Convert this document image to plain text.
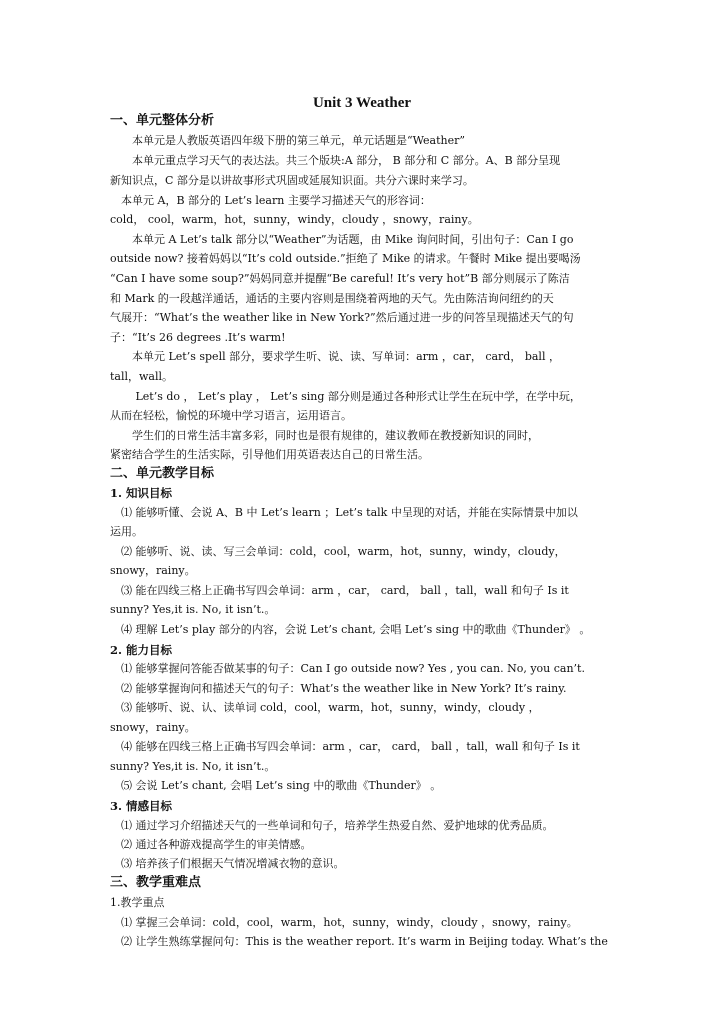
Unit 3 Weather
一、单元整体分析
　　本单元是人教版英语四年级下册的第三单元，单元话题是“Weather”
　　本单元重点学习天气的表达法。共三个版块:A 部分， B 部分和 C 部分。A、B 部分呈现
新知识点，C 部分是以讲故事形式巩固或延展知识面。共分六课时来学习。
　本单元 A，B 部分的 Let’s learn 主要学习描述天气的形容词：
cold， cool，warm，hot，sunny，windy，cloudy ，snowy，rainy。
　　本单元 A Let’s talk 部分以“Weather”为话题，由 Mike 询问时间，引出句子：Can I go
outside now? 接着妈妈以“It’s cold outside.”拒绝了 Mike 的请求。午餐时 Mike 提出要喝汤
“Can I have some soup?”妈妈同意并提醒“Be careful! It’s very hot”B 部分则展示了陈洁
和 Mark 的一段越洋通话，通话的主要内容则是围绕着两地的天气。先由陈洁询问纽约的天
气展开：“What’s the weather like in New York?”然后通过进一步的问答呈现描述天气的句
子：“It’s 26 degrees .It’s warm!
　　本单元 Let’s spell 部分，要求学生听、说、读、写单词：arm ，car， card， ball ，
tall，wall。
　　 Let’s do ， Let’s play ， Let’s sing 部分则是通过各种形式让学生在玩中学，在学中玩，
从而在轻松，愉悦的环境中学习语言，运用语言。
　　学生们的日常生活丰富多彩，同时也是很有规律的，建议教师在教授新知识的同时，
紧密结合学生的生活实际，引导他们用英语表达自己的日常生活。
二、单元教学目标
1. 知识目标
　⑴ 能够听懂、会说 A、B 中 Let’s learn ；Let’s talk 中呈现的对话，并能在实际情景中加以
运用。
　⑵ 能够听、说、读、写三会单词：cold，cool，warm，hot，sunny，windy，cloudy，
snowy，rainy。
　⑶ 能在四线三格上正确书写四会单词：arm ，car， card， ball ，tall，wall 和句子 Is it
sunny? Yes,it is. No, it isn’t.。
　⑷ 理解 Let’s play 部分的内容，会说 Let’s chant, 会唱 Let’s sing 中的歌曲《Thunder》 。
2. 能力目标
　⑴ 能够掌握问答能否做某事的句子：Can I go outside now? Yes , you can. No, you can’t.
　⑵ 能够掌握询问和描述天气的句子：What’s the weather like in New York? It’s rainy.
　⑶ 能够听、说、认、读单词 cold，cool，warm，hot，sunny，windy，cloudy ，
snowy，rainy。
　⑷ 能够在四线三格上正确书写四会单词：arm ，car， card， ball ，tall，wall 和句子 Is it
sunny? Yes,it is. No, it isn’t.。
　⑸ 会说 Let’s chant, 会唱 Let’s sing 中的歌曲《Thunder》 。
3. 情感目标
　⑴ 通过学习介绍描述天气的一些单词和句子，培养学生热爱自然、爱护地球的优秀品质。
　⑵ 通过各种游戏提高学生的审美情感。
　⑶ 培养孩子们根据天气情况增减衣物的意识。
三、教学重难点
1.教学重点
　⑴ 掌握三会单词：cold，cool，warm，hot，sunny，windy，cloudy ，snowy，rainy。
　⑵ 让学生熟练掌握问句：This is the weather report. It’s warm in Beijing today. What’s the
